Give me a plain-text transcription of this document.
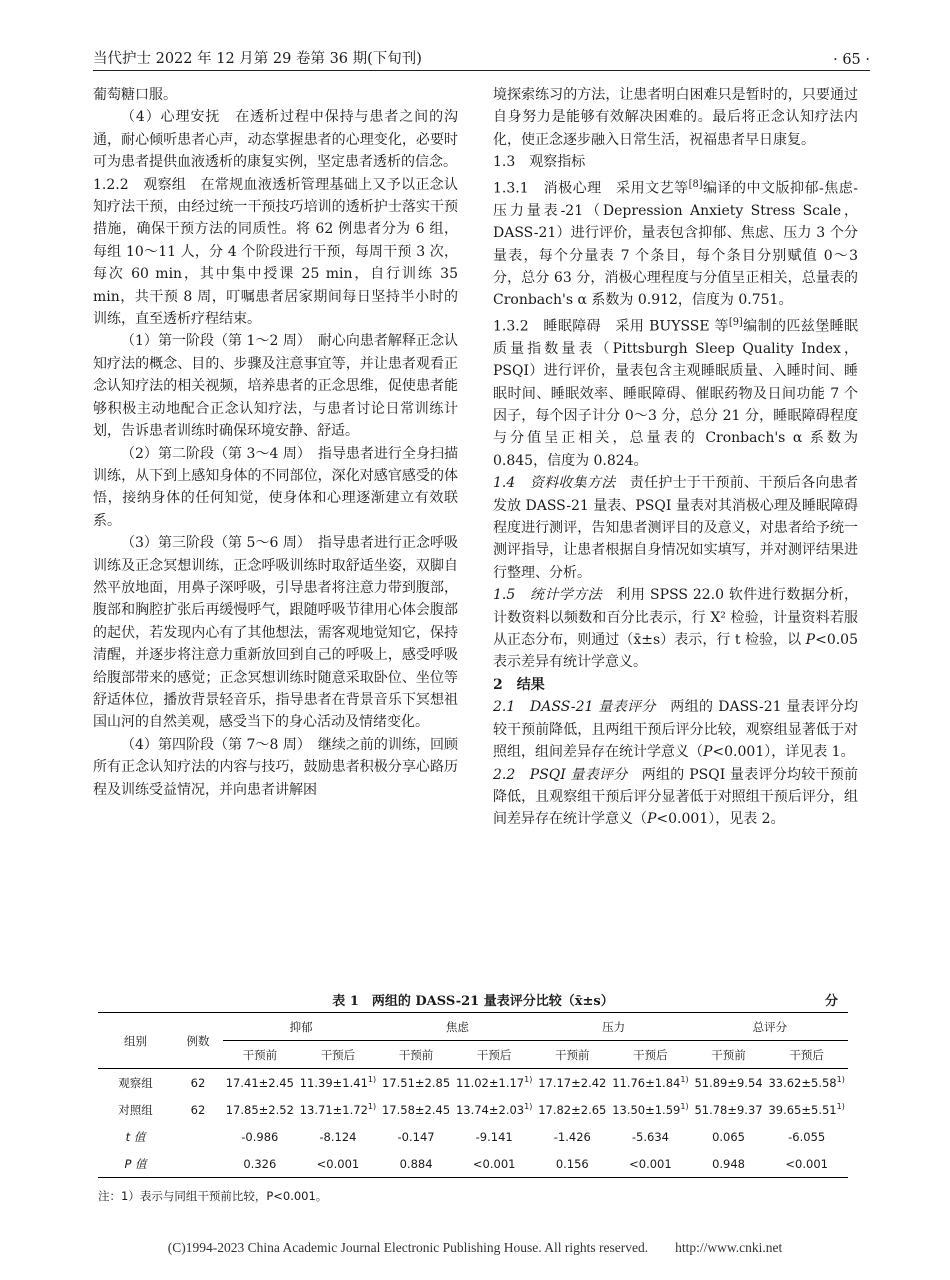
当代护士 2022 年 12 月第 29 卷第 36 期(下旬刊)	· 65 ·

葡萄糖口服。

（4）心理安抚　在透析过程中保持与患者之间的沟通，耐心倾听患者心声，动态掌握患者的心理变化，必要时可为患者提供血液透析的康复实例，坚定患者透析的信念。

1.2.2　观察组　在常规血液透析管理基础上又予以正念认知疗法干预，由经过统一干预技巧培训的透析护士落实干预措施，确保干预方法的同质性。将 62 例患者分为 6 组，每组 10～11 人，分 4 个阶段进行干预，每周干预 3 次，每次 60 min，其中集中授课 25 min，自行训练 35 min，共干预 8 周，叮嘱患者居家期间每日坚持半小时的训练，直至透析疗程结束。

（1）第一阶段（第 1～2 周）　耐心向患者解释正念认知疗法的概念、目的、步骤及注意事宜等，并让患者观看正念认知疗法的相关视频，培养患者的正念思维，促使患者能够积极主动地配合正念认知疗法，与患者讨论日常训练计划，告诉患者训练时确保环境安静、舒适。

（2）第二阶段（第 3～4 周）　指导患者进行全身扫描训练，从下到上感知身体的不同部位，深化对感官感受的体悟，接纳身体的任何知觉，使身体和心理逐渐建立有效联系。

（3）第三阶段（第 5～6 周）　指导患者进行正念呼吸训练及正念冥想训练，正念呼吸训练时取舒适坐姿，双脚自然平放地面，用鼻子深呼吸，引导患者将注意力带到腹部，腹部和胸腔扩张后再缓慢呼气，跟随呼吸节律用心体会腹部的起伏，若发现内心有了其他想法，需客观地觉知它，保持清醒，并逐步将注意力重新放回到自己的呼吸上，感受呼吸给腹部带来的感觉；正念冥想训练时随意采取卧位、坐位等舒适体位，播放背景轻音乐，指导患者在背景音乐下冥想祖国山河的自然美观，感受当下的身心活动及情绪变化。

（4）第四阶段（第 7～8 周）　继续之前的训练，回顾所有正念认知疗法的内容与技巧，鼓励患者积极分享心路历程及训练受益情况，并向患者讲解困

境探索练习的方法，让患者明白困难只是暂时的，只要通过自身努力是能够有效解决困难的。最后将正念认知疗法内化，使正念逐步融入日常生活，祝福患者早日康复。

1.3　观察指标

1.3.1　消极心理　采用文艺等[8]编译的中文版抑郁-焦虑-压力量表-21（Depression Anxiety Stress Scale，DASS-21）进行评价，量表包含抑郁、焦虑、压力 3 个分量表，每个分量表 7 个条目，每个条目分别赋值 0～3 分，总分 63 分，消极心理程度与分值呈正相关，总量表的 Cronbach's α 系数为 0.912，信度为 0.751。

1.3.2　睡眠障碍　采用 BUYSSE 等[9]编制的匹兹堡睡眠质量指数量表（Pittsburgh Sleep Quality Index，PSQI）进行评价，量表包含主观睡眠质量、入睡时间、睡眠时间、睡眠效率、睡眠障碍、催眠药物及日间功能 7 个因子，每个因子计分 0～3 分，总分 21 分，睡眠障碍程度与分值呈正相关，总量表的 Cronbach's α 系数为 0.845，信度为 0.824。

1.4　资料收集方法　责任护士于干预前、干预后各向患者发放 DASS-21 量表、PSQI 量表对其消极心理及睡眠障碍程度进行测评，告知患者测评目的及意义，对患者给予统一测评指导，让患者根据自身情况如实填写，并对测评结果进行整理、分析。

1.5　统计学方法　利用 SPSS 22.0 软件进行数据分析，计数资料以频数和百分比表示，行 X² 检验，计量资料若服从正态分布，则通过（x̄±s）表示，行 t 检验，以 P<0.05 表示差异有统计学意义。

2　结果

2.1　DASS-21 量表评分　两组的 DASS-21 量表评分均较干预前降低，且两组干预后评分比较，观察组显著低于对照组，组间差异存在统计学意义（P<0.001），详见表 1。

2.2　PSQI 量表评分　两组的 PSQI 量表评分均较干预前降低，且观察组干预后评分显著低于对照组干预后评分，组间差异存在统计学意义（P<0.001），见表 2。

表 1　两组的 DASS-21 量表评分比较（x̄±s）	分
组别	例数	抑郁		焦虑		压力		总评分	
		干预前	干预后	干预前	干预后	干预前	干预后	干预前	干预后
观察组	62	17.41±2.45	$11.39\pm 1.41^{1)}$	17.51±2.85	$11.02\pm 1.17^{1)}$	17.17±2.42	$11.76\pm 1.84^{1)}$	51.89±9.54	$33.62\pm 5.58^{1)}$
对照组	62	17.85±2.52	$13.71\pm 1.72^{1)}$	17.58±2.45	$13.74\pm 2.03^{1)}$	17.82±2.65	$13.50\pm 1.59^{1)}$	51.78±9.37	$39.65\pm 5.51^{1)}$
t 值		-0.986	-8.124	-0.147	-9.141	-1.426	-5.634	0.065	-6.055
P 值		0.326	<0.001	0.884	<0.001	0.156	<0.001	0.948	<0.001
注：1）表示与同组干预前比较，P<0.001。
(C)1994-2023 China Academic Journal Electronic Publishing House. All rights reserved.　　http://www.cnki.net
